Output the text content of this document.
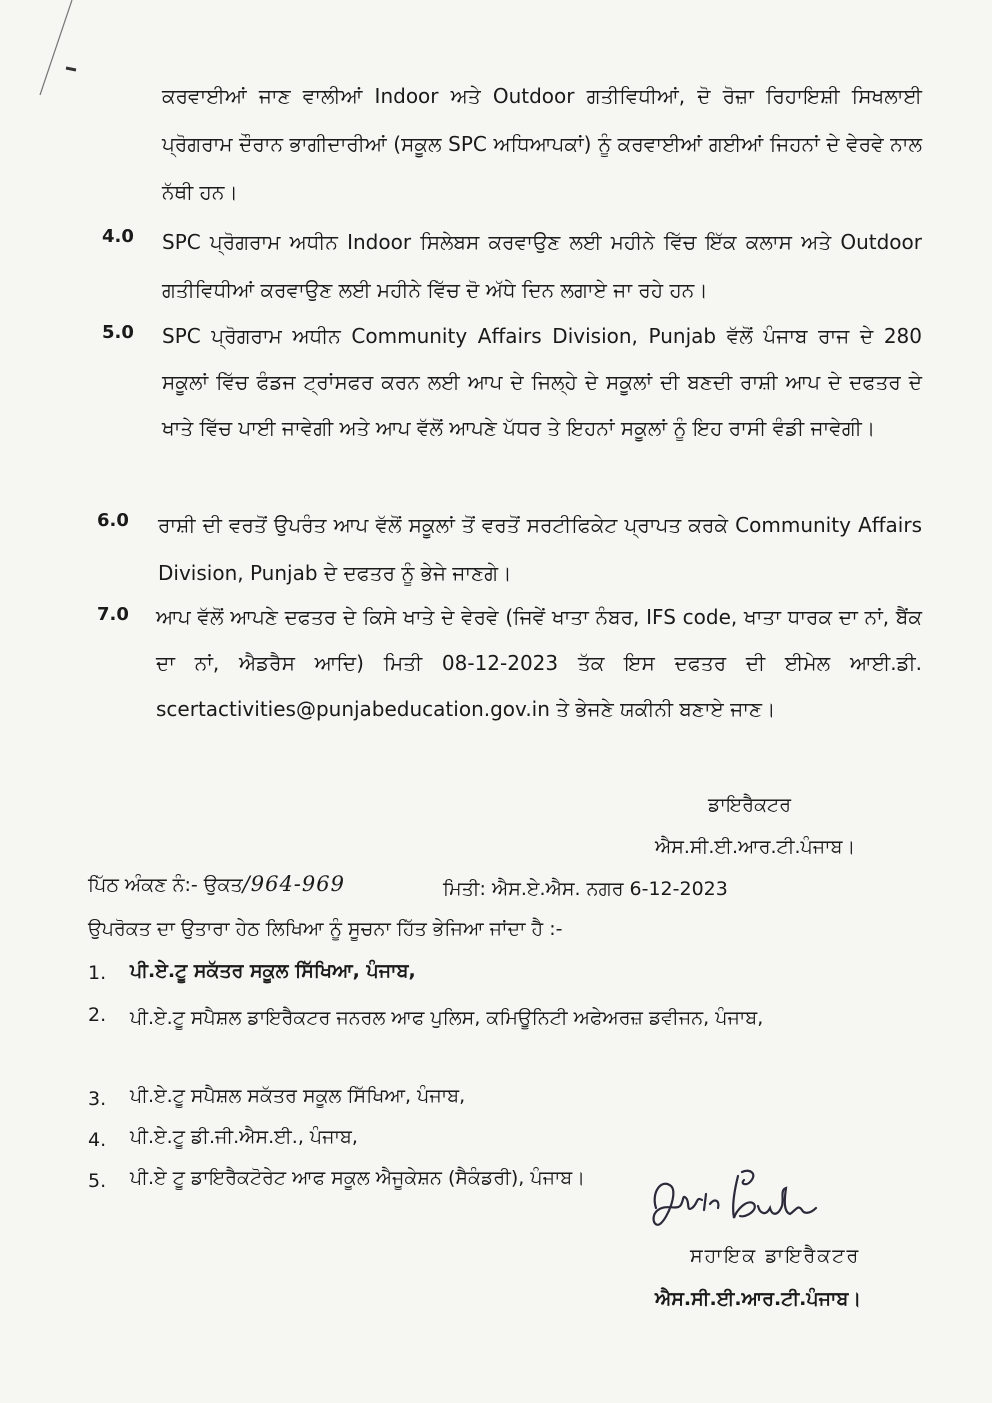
ਕਰਵਾਈਆਂ ਜਾਣ ਵਾਲੀਆਂ Indoor ਅਤੇ Outdoor ਗਤੀਵਿਧੀਆਂ, ਦੋ ਰੋਜ਼ਾ ਰਿਹਾਇਸ਼ੀ ਸਿਖਲਾਈ ਪ੍ਰੋਗਰਾਮ ਦੌਰਾਨ ਭਾਗੀਦਾਰੀਆਂ (ਸਕੂਲ SPC ਅਧਿਆਪਕਾਂ) ਨੂੰ ਕਰਵਾਈਆਂ ਗਈਆਂ ਜਿਹਨਾਂ ਦੇ ਵੇਰਵੇ ਨਾਲ ਨੱਥੀ ਹਨ।
4.0 SPC ਪ੍ਰੋਗਰਾਮ ਅਧੀਨ Indoor ਸਿਲੇਬਸ ਕਰਵਾਉਣ ਲਈ ਮਹੀਨੇ ਵਿੱਚ ਇੱਕ ਕਲਾਸ ਅਤੇ Outdoor ਗਤੀਵਿਧੀਆਂ ਕਰਵਾਉਣ ਲਈ ਮਹੀਨੇ ਵਿੱਚ ਦੋ ਅੱਧੇ ਦਿਨ ਲਗਾਏ ਜਾ ਰਹੇ ਹਨ।
5.0 SPC ਪ੍ਰੋਗਰਾਮ ਅਧੀਨ Community Affairs Division, Punjab ਵੱਲੋਂ ਪੰਜਾਬ ਰਾਜ ਦੇ 280 ਸਕੂਲਾਂ ਵਿੱਚ ਫੰਡਜ ਟ੍ਰਾਂਸਫਰ ਕਰਨ ਲਈ ਆਪ ਦੇ ਜਿਲ੍ਹੇ ਦੇ ਸਕੂਲਾਂ ਦੀ ਬਣਦੀ ਰਾਸ਼ੀ ਆਪ ਦੇ ਦਫਤਰ ਦੇ ਖਾਤੇ ਵਿੱਚ ਪਾਈ ਜਾਵੇਗੀ ਅਤੇ ਆਪ ਵੱਲੋਂ ਆਪਣੇ ਪੱਧਰ ਤੇ ਇਹਨਾਂ ਸਕੂਲਾਂ ਨੂੰ ਇਹ ਰਾਸੀ ਵੰਡੀ ਜਾਵੇਗੀ।
6.0 ਰਾਸ਼ੀ ਦੀ ਵਰਤੋਂ ਉਪਰੰਤ ਆਪ ਵੱਲੋਂ ਸਕੂਲਾਂ ਤੋਂ ਵਰਤੋਂ ਸਰਟੀਫਿਕੇਟ ਪ੍ਰਾਪਤ ਕਰਕੇ Community Affairs Division, Punjab ਦੇ ਦਫਤਰ ਨੂੰ ਭੇਜੇ ਜਾਣਗੇ।
7.0 ਆਪ ਵੱਲੋਂ ਆਪਣੇ ਦਫਤਰ ਦੇ ਕਿਸੇ ਖਾਤੇ ਦੇ ਵੇਰਵੇ (ਜਿਵੇਂ ਖਾਤਾ ਨੰਬਰ, IFS code, ਖਾਤਾ ਧਾਰਕ ਦਾ ਨਾਂ, ਬੈਂਕ ਦਾ ਨਾਂ, ਐਡਰੈਸ ਆਦਿ) ਮਿਤੀ 08-12-2023 ਤੱਕ ਇਸ ਦਫਤਰ ਦੀ ਈਮੇਲ ਆਈ.ਡੀ. scertactivities@punjabeducation.gov.in ਤੇ ਭੇਜਣੇ ਯਕੀਨੀ ਬਣਾਏ ਜਾਣ।
ਡਾਇਰੈਕਟਰ
ਐਸ.ਸੀ.ਈ.ਆਰ.ਟੀ.ਪੰਜਾਬ।
ਪਿੱਠ ਅੰਕਣ ਨੰ:- ਉਕਤ/964-969	ਮਿਤੀ: ਐਸ.ਏ.ਐਸ. ਨਗਰ 6-12-2023
ਉਪਰੋਕਤ ਦਾ ਉਤਾਰਾ ਹੇਠ ਲਿਖਿਆ ਨੂੰ ਸੂਚਨਾ ਹਿੱਤ ਭੇਜਿਆ ਜਾਂਦਾ ਹੈ :-
1. ਪੀ.ਏ.ਟੂ ਸਕੱਤਰ ਸਕੂਲ ਸਿੱਖਿਆ, ਪੰਜਾਬ,
2. ਪੀ.ਏ.ਟੂ ਸਪੈਸ਼ਲ ਡਾਇਰੈਕਟਰ ਜਨਰਲ ਆਫ ਪੁਲਿਸ, ਕਮਿਊਨਿਟੀ ਅਫੇਅਰਜ਼ ਡਵੀਜਨ, ਪੰਜਾਬ,
3. ਪੀ.ਏ.ਟੂ ਸਪੈਸ਼ਲ ਸਕੱਤਰ ਸਕੂਲ ਸਿੱਖਿਆ, ਪੰਜਾਬ,
4. ਪੀ.ਏ.ਟੂ ਡੀ.ਜੀ.ਐਸ.ਈ., ਪੰਜਾਬ,
5. ਪੀ.ਏ ਟੂ ਡਾਇਰੈਕਟੋਰੇਟ ਆਫ ਸਕੂਲ ਐਜੂਕੇਸ਼ਨ (ਸੈਕੰਡਰੀ), ਪੰਜਾਬ।
ਸਹਾਇਕ ਡਾਇਰੈਕਟਰ
ਐਸ.ਸੀ.ਈ.ਆਰ.ਟੀ.ਪੰਜਾਬ।
